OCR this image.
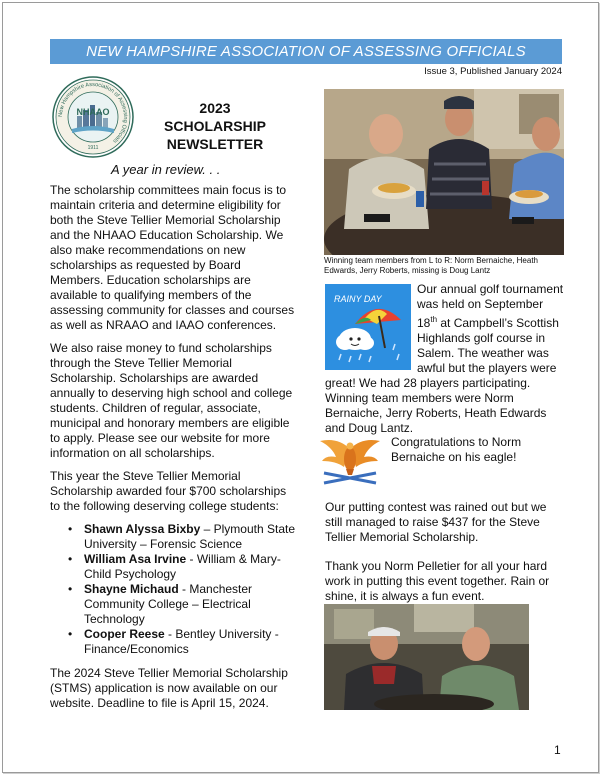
NEW HAMPSHIRE ASSOCIATION OF ASSESSING OFFICIALS
Issue 3, Published January 2024
New Hampshire Association of Assessing Officials
NHAAO
1911
2023
SCHOLARSHIP
NEWSLETTER
A year in review. . .

The scholarship committees main focus is to maintain criteria and determine eligibility for both the Steve Tellier Memorial Scholarship and the NHAAO Education Scholarship. We also make recommendations on new scholarships as requested by Board Members. Education scholarships are available to qualifying members of the assessing community for classes and courses as well as NRAAO and IAAO conferences.

We also raise money to fund scholarships through the Steve Tellier Memorial Scholarship. Scholarships are awarded annually to deserving high school and college students. Children of regular, associate, municipal and honorary members are eligible to apply. Please see our website for more information on all scholarships.

This year the Steve Tellier Memorial Scholarship awarded four $700 scholarships to the following deserving college students:

• Shawn Alyssa Bixby – Plymouth State University – Forensic Science
• William Asa Irvine - William & Mary- Child Psychology
• Shayne Michaud - Manchester Community College – Electrical Technology
• Cooper Reese - Bentley University - Finance/Economics

The 2024 Steve Tellier Memorial Scholarship (STMS) application is now available on our website. Deadline to file is April 15, 2024.

Winning team members from L to R: Norm Bernaiche, Heath Edwards, Jerry Roberts, missing is Doug Lantz
RAINY DAY
Our annual golf tournament was held on September 18th at Campbell’s Scottish Highlands golf course in Salem. The weather was awful but the players were great! We had 28 players participating. Winning team members were Norm Bernaiche, Jerry Roberts, Heath Edwards and Doug Lantz.
Congratulations to Norm Bernaiche on his eagle!

Our putting contest was rained out but we still managed to raise $437 for the Steve Tellier Memorial Scholarship.

Thank you Norm Pelletier for all your hard work in putting this event together. Rain or shine, it is always a fun event.

1
